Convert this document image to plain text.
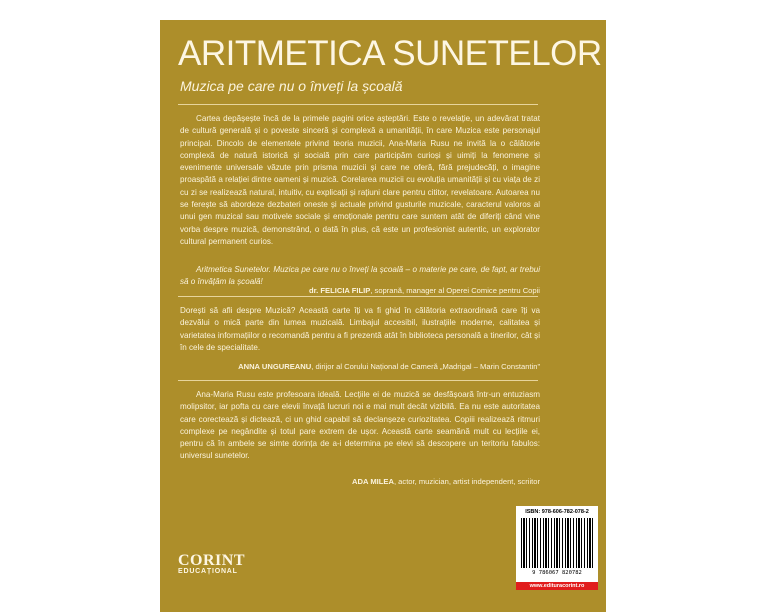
ARITMETICA SUNETELOR
Muzica pe care nu o înveți la școală
Cartea depășește încă de la primele pagini orice așteptări. Este o revelație, un adevărat tratat de cultură generală și o poveste sinceră și complexă a umanității, în care Muzica este personajul principal. Dincolo de elementele privind teoria muzicii, Ana-Maria Rusu ne invită la o călătorie complexă de natură istorică și socială prin care participăm curioși și uimiți la fenomene și evenimente universale văzute prin prisma muzicii și care ne oferă, fără prejudecăți, o imagine proaspătă a relației dintre oameni și muzică. Corelarea muzicii cu evoluția umanității și cu viața de zi cu zi se realizează natural, intuitiv, cu explicații și rațiuni clare pentru cititor, revelatoare. Autoarea nu se ferește să abordeze dezbateri oneste și actuale privind gusturile muzicale, caracterul valoros al unui gen muzical sau motivele sociale și emoționale pentru care suntem atât de diferiți când vine vorba despre muzică, demonstrând, o dată în plus, că este un profesionist autentic, un explorator cultural permanent curios.
Aritmetica Sunetelor. Muzica pe care nu o înveți la școală – o materie pe care, de fapt, ar trebui să o învățăm la școală!
dr. FELICIA FILIP, soprană, manager al Operei Comice pentru Copii
Dorești să afli despre Muzică? Această carte îți va fi ghid în călătoria extraordinară care îți va dezvălui o mică parte din lumea muzicală. Limbajul accesibil, ilustrațiile moderne, calitatea și varietatea informațiilor o recomandă pentru a fi prezentă atât în biblioteca personală a tinerilor, cât și în cele de specialitate.
ANNA UNGUREANU, dirijor al Corului Național de Cameră „Madrigal – Marin Constantin”
Ana-Maria Rusu este profesoara ideală. Lecțiile ei de muzică se desfășoară într-un entuziasm molipsitor, iar pofta cu care elevii învață lucruri noi e mai mult decât vizibilă. Ea nu este autoritatea care corectează și dictează, ci un ghid capabil să declanșeze curiozitatea. Copiii realizează ritmuri complexe pe negândite și totul pare extrem de ușor. Această carte seamănă mult cu lecțiile ei, pentru că în ambele se simte dorința de a-i determina pe elevi să descopere un teritoriu fabulos: universul sunetelor.
ADA MILEA, actor, muzician, artist independent, scriitor
CORINT
EDUCAȚIONAL
ISBN: 978-606-782-078-2
9 786067 820782
www.edituracorint.ro
